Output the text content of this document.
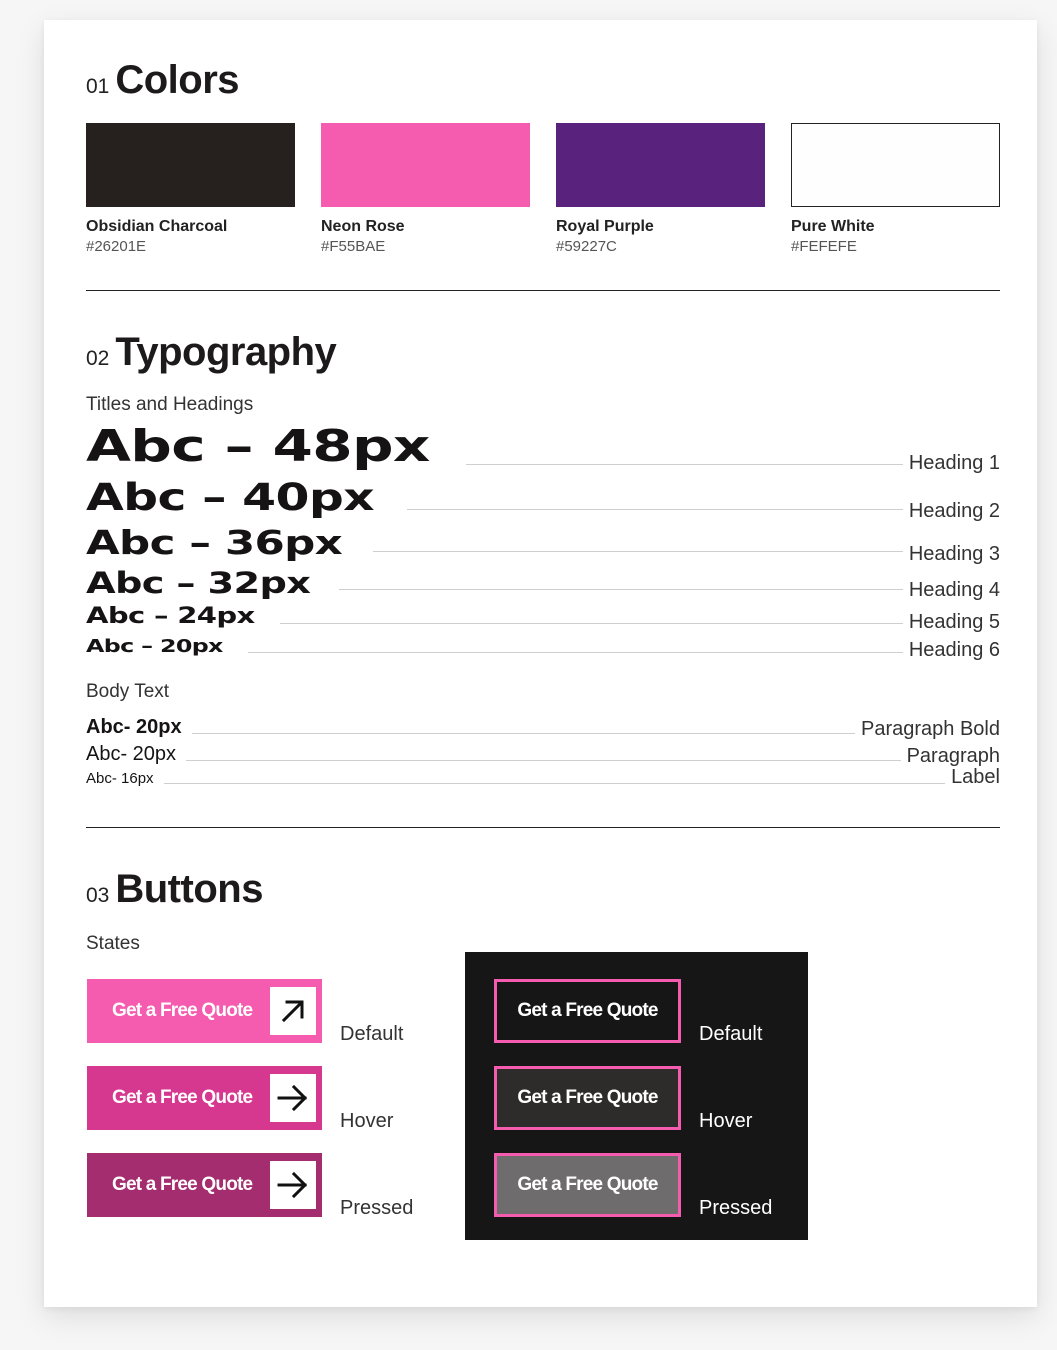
01 Colors
Obsidian Charcoal
#26201E
Neon Rose
#F55BAE
Royal Purple
#59227C
Pure White
#FEFEFE
02 Typography
Titles and Headings
Abc – 48px	Heading 1
Abc – 40px	Heading 2
Abc – 36px	Heading 3
Abc – 32px	Heading 4
Abc – 24px	Heading 5
Abc – 20px	Heading 6
Body Text
Abc- 20px	Paragraph Bold
Abc- 20px	Paragraph
Abc- 16px	Label
03 Buttons
States
Get a Free Quote
Default
Get a Free Quote
Hover
Get a Free Quote
Pressed
Get a Free Quote
Default
Get a Free Quote
Hover
Get a Free Quote
Pressed
